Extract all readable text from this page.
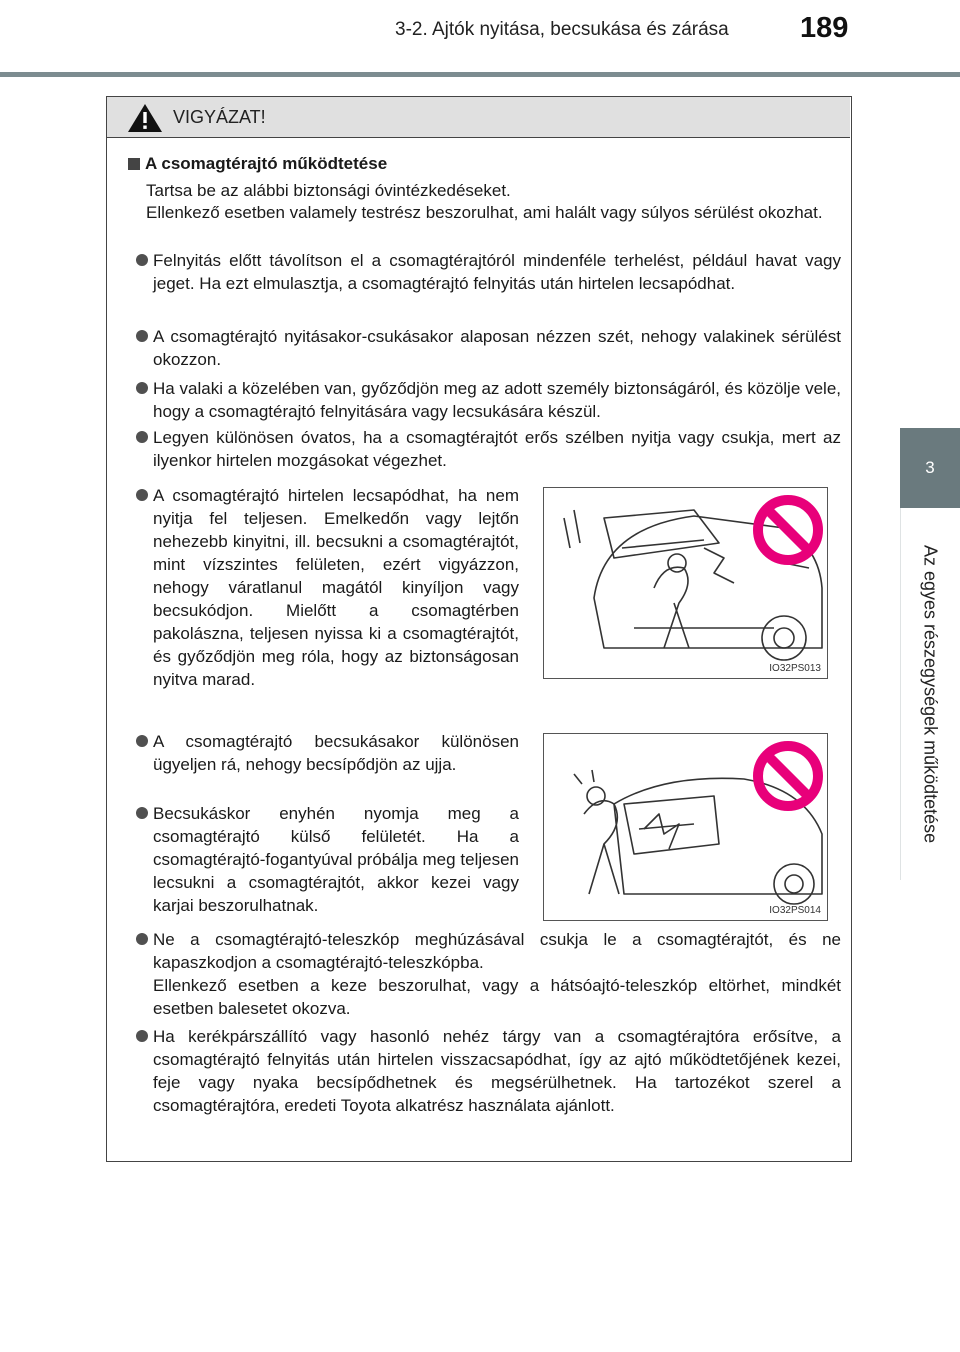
3-2. Ajtók nyitása, becsukása és zárása	189
3
Az egyes részegységek működtetése
VIGYÁZAT!
A csomagtérajtó működtetése
Tartsa be az alábbi biztonsági óvintézkedéseket.
Ellenkező esetben valamely testrész beszorulhat, ami halált vagy súlyos sérülést okozhat.
Felnyitás előtt távolítson el a csomagtérajtóról mindenféle terhelést, például havat vagy jeget. Ha ezt elmulasztja, a csomagtérajtó felnyitás után hirtelen lecsapódhat.
A csomagtérajtó nyitásakor-csukásakor alaposan nézzen szét, nehogy valakinek sérülést okozzon.
Ha valaki a közelében van, győződjön meg az adott személy biztonságáról, és közölje vele, hogy a csomagtérajtó felnyitására vagy lecsukására készül.
Legyen különösen óvatos, ha a csomagtérajtót erős szélben nyitja vagy csukja, mert az ilyenkor hirtelen mozgásokat végezhet.
A csomagtérajtó hirtelen lecsapódhat, ha nem nyitja fel teljesen. Emelkedőn vagy lejtőn nehezebb kinyitni, ill. becsukni a csomagtérajtót, mint vízszintes felületen, ezért vigyázzon, nehogy váratlanul magától kinyíljon vagy becsukódjon. Mielőtt a csomagtérben pakolászna, teljesen nyissa ki a csomagtérajtót, és győződjön meg róla, hogy az biztonságosan nyitva marad.
A csomagtérajtó becsukásakor különösen ügyeljen rá, nehogy becsípődjön az ujja.
Becsukáskor enyhén nyomja meg a csomagtérajtó külső felületét. Ha a csomagtérajtó-fogantyúval próbálja meg teljesen lecsukni a csomagtérajtót, akkor kezei vagy karjai beszorulhatnak.
IO32PS013
IO32PS014
Ne a csomagtérajtó-teleszkóp meghúzásával csukja le a csomagtérajtót, és ne kapaszkodjon a csomagtérajtó-teleszkópba.
Ellenkező esetben a keze beszorulhat, vagy a hátsóajtó-teleszkóp eltörhet, mindkét esetben balesetet okozva.
Ha kerékpárszállító vagy hasonló nehéz tárgy van a csomagtérajtóra erősítve, a csomagtérajtó felnyitás után hirtelen visszacsapódhat, így az ajtó működtetőjének kezei, feje vagy nyaka becsípődhetnek és megsérülhetnek. Ha tartozékot szerel a csomagtérajtóra, eredeti Toyota alkatrész használata ajánlott.
